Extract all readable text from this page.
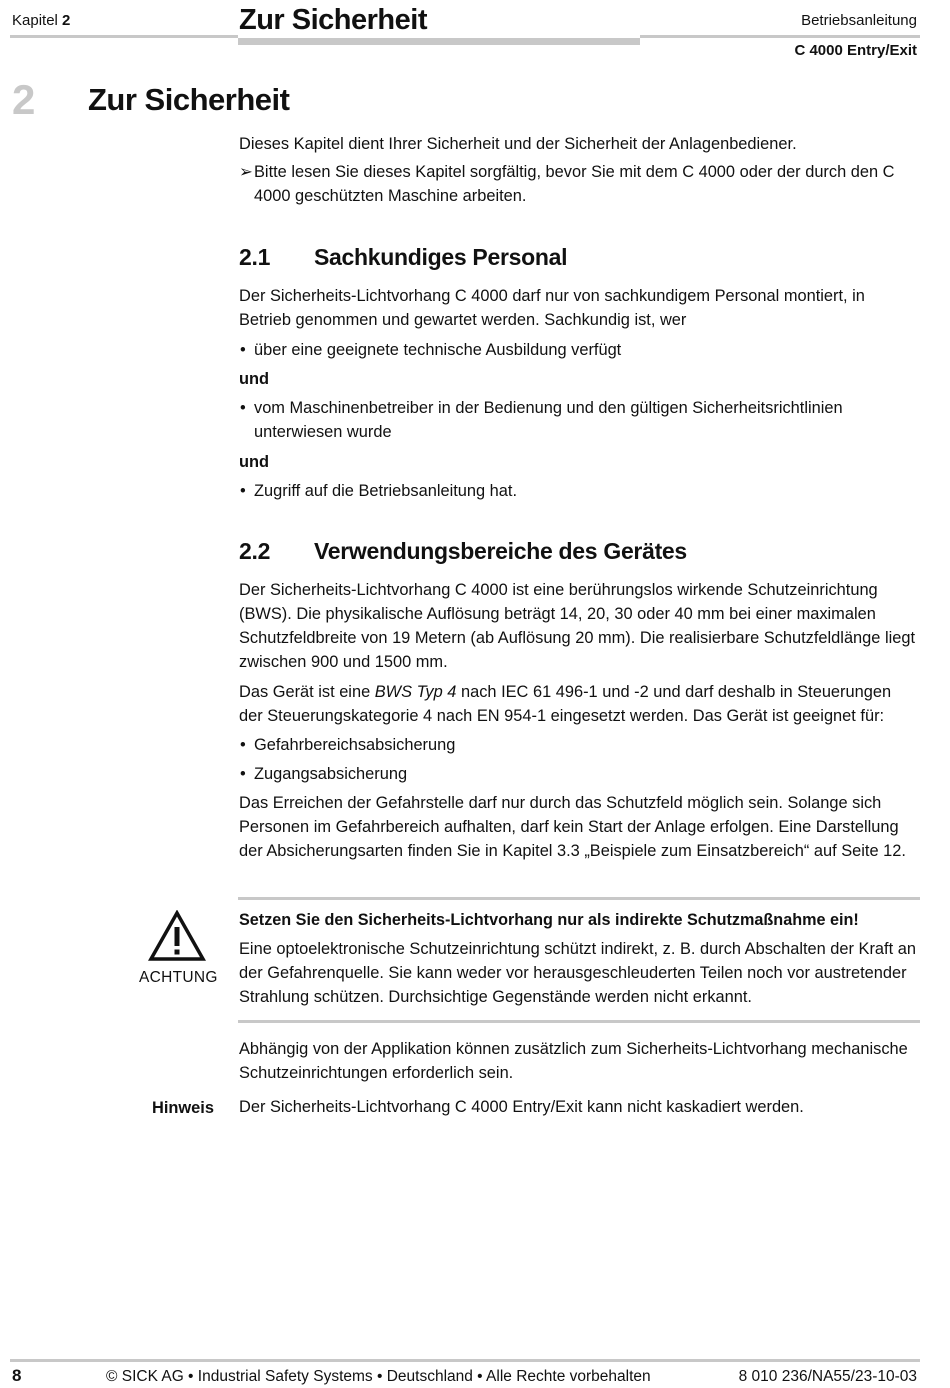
Kapitel 2	Zur Sicherheit	Betriebsanleitung
C 4000 Entry/Exit
2 Zur Sicherheit
Dieses Kapitel dient Ihrer Sicherheit und der Sicherheit der Anlagenbediener.
➢ Bitte lesen Sie dieses Kapitel sorgfältig, bevor Sie mit dem C 4000 oder der durch den C 4000 geschützten Maschine arbeiten.
2.1 Sachkundiges Personal
Der Sicherheits-Lichtvorhang C 4000 darf nur von sachkundigem Personal montiert, in Betrieb genommen und gewartet werden. Sachkundig ist, wer
• über eine geeignete technische Ausbildung verfügt
und
• vom Maschinenbetreiber in der Bedienung und den gültigen Sicherheitsrichtlinien unterwiesen wurde
und
• Zugriff auf die Betriebsanleitung hat.
2.2 Verwendungsbereiche des Gerätes
Der Sicherheits-Lichtvorhang C 4000 ist eine berührungslos wirkende Schutzeinrichtung (BWS). Die physikalische Auflösung beträgt 14, 20, 30 oder 40 mm bei einer maximalen Schutzfeldbreite von 19 Metern (ab Auflösung 20 mm). Die realisierbare Schutzfeldlänge liegt zwischen 900 und 1500 mm.
Das Gerät ist eine BWS Typ 4 nach IEC 61 496-1 und -2 und darf deshalb in Steuerungen der Steuerungskategorie 4 nach EN 954-1 eingesetzt werden. Das Gerät ist geeignet für:
• Gefahrbereichsabsicherung
• Zugangsabsicherung
Das Erreichen der Gefahrstelle darf nur durch das Schutzfeld möglich sein. Solange sich Personen im Gefahrbereich aufhalten, darf kein Start der Anlage erfolgen. Eine Darstellung der Absicherungsarten finden Sie in Kapitel 3.3 „Beispiele zum Einsatzbereich“ auf Seite 12.
ACHTUNG
Setzen Sie den Sicherheits-Lichtvorhang nur als indirekte Schutzmaßnahme ein!
Eine optoelektronische Schutzeinrichtung schützt indirekt, z. B. durch Abschalten der Kraft an der Gefahrenquelle. Sie kann weder vor herausgeschleuderten Teilen noch vor austretender Strahlung schützen. Durchsichtige Gegenstände werden nicht erkannt.
Abhängig von der Applikation können zusätzlich zum Sicherheits-Lichtvorhang mechanische Schutzeinrichtungen erforderlich sein.
Hinweis Der Sicherheits-Lichtvorhang C 4000 Entry/Exit kann nicht kaskadiert werden.
8	© SICK AG • Industrial Safety Systems • Deutschland • Alle Rechte vorbehalten	8 010 236/NA55/23-10-03
